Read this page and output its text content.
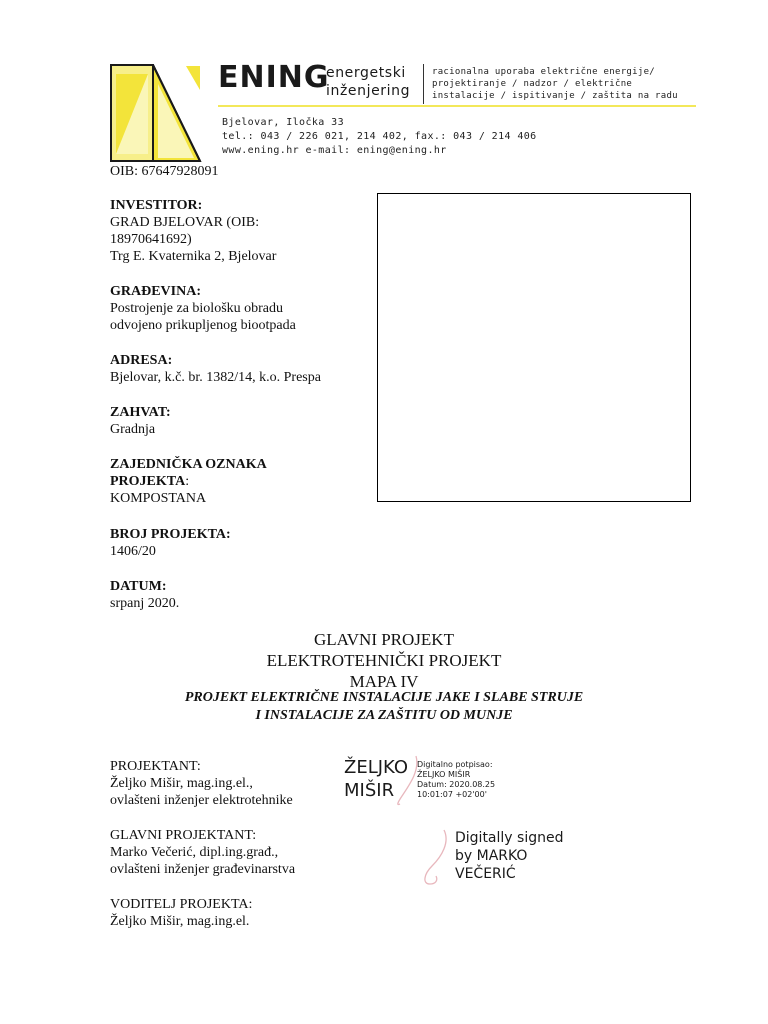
ENING
energetski
inženjering
racionalna uporaba električne energije/
projektiranje / nadzor / električne
instalacije / ispitivanje / zaštita na radu
Bjelovar, Iločka 33
tel.: 043 / 226 021, 214 402, fax.: 043 / 214 406
www.ening.hr e-mail: ening@ening.hr
OIB: 67647928091
INVESTITOR:
GRAD BJELOVAR (OIB:
18970641692)
Trg E. Kvaternika 2, Bjelovar
GRAĐEVINA:
Postrojenje za biološku obradu
odvojeno prikupljenog biootpada
ADRESA:
Bjelovar, k.č. br. 1382/14, k.o. Prespa
ZAHVAT:
Gradnja
ZAJEDNIČKA OZNAKA
PROJEKTA:
KOMPOSTANA
BROJ PROJEKTA:
1406/20
DATUM:
srpanj 2020.
GLAVNI PROJEKT
ELEKTROTEHNIČKI PROJEKT
MAPA IV
PROJEKT ELEKTRIČNE INSTALACIJE JAKE I SLABE STRUJE
I INSTALACIJE ZA ZAŠTITU OD MUNJE
PROJEKTANT:
Željko Mišir, mag.ing.el.,
ovlašteni inženjer elektrotehnike
GLAVNI PROJEKTANT:
Marko Večerić, dipl.ing.građ.,
ovlašteni inženjer građevinarstva
VODITELJ PROJEKTA:
Željko Mišir, mag.ing.el.
ŽELJKO
MIŠIR
Digitalno potpisao:
ŽELJKO MIŠIR
Datum: 2020.08.25
10:01:07 +02'00'
Digitally signed
by MARKO
VEČERIĆ
